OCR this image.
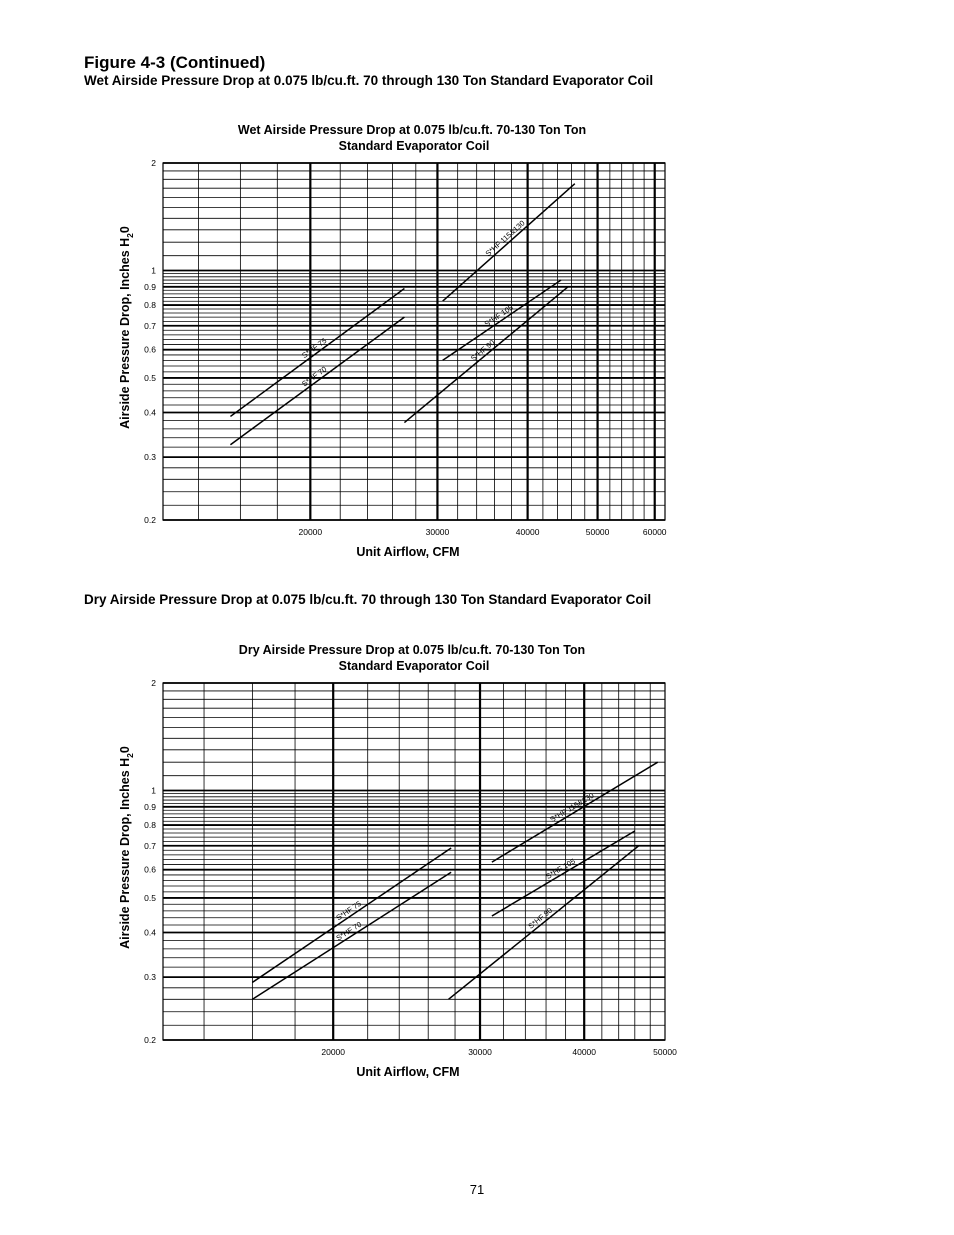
Figure 4-3 (Continued)

Wet Airside Pressure Drop at 0.075 lb/cu.ft. 70 through 130 Ton Standard Evaporator Coil

Dry Airside Pressure Drop at 0.075 lb/cu.ft. 70 through 130 Ton Standard Evaporator Coil

Wet Airside Pressure Drop at 0.075 lb/cu.ft. 70-130 Ton Ton
Standard Evaporator Coil
0.2
0.3
0.4
0.5
0.6
0.7
0.8
0.9
1
2
20000	30000	40000	50000	60000
Unit Airflow, CFM
Airside Pressure Drop, Inches $H_20$
S*HF 75
S*HF 70
S*HF 115&130
S*HF 105
S*HF 90
Dry Airside Pressure Drop at 0.075 lb/cu.ft. 70-130 Ton Ton
Standard Evaporator Coil
0.2
0.3
0.4
0.5
0.6
0.7
0.8
0.9
1
2
20000	30000	40000	50000
Unit Airflow, CFM
Airside Pressure Drop, Inches $H_20$
S*HF 75
S*HF 70
S*HF 115&130
S*HF 105
S*HF 90
71
